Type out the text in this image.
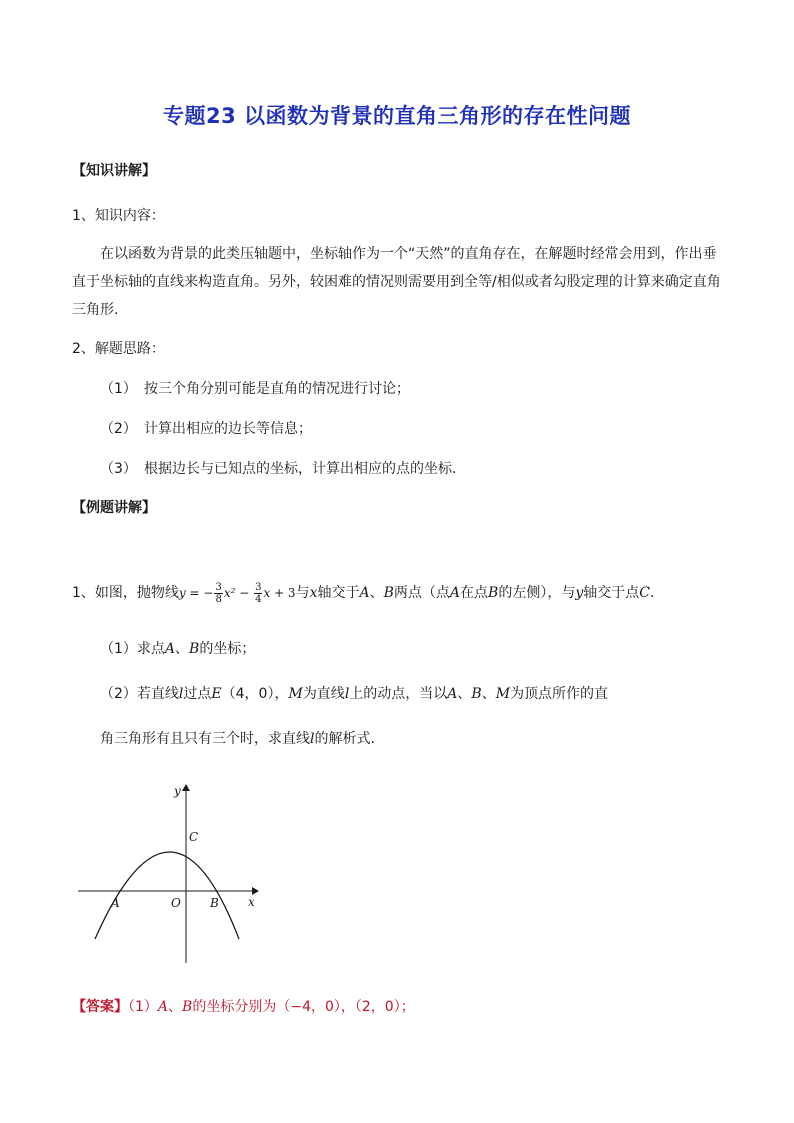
专题23 以函数为背景的直角三角形的存在性问题
【知识讲解】
1、知识内容：
在以函数为背景的此类压轴题中，坐标轴作为一个“天然”的直角存在，在解题时经常会用到，作出垂直于坐标轴的直线来构造直角。另外，较困难的情况则需要用到全等/相似或者勾股定理的计算来确定直角三角形.
2、解题思路：
（1） 按三个角分别可能是直角的情况进行讨论；
（2） 计算出相应的边长等信息；
（3） 根据边长与已知点的坐标，计算出相应的点的坐标.
【例题讲解】
1、如图，抛物线y = − $\frac{3}{8} x^2 - \frac{3}{4}$ x + 3与x轴交于A、B两点（点A在点B的左侧），与y轴交于点C.
（1）求点A、B的坐标；
（2）若直线l过点E（4，0），M为直线l上的动点，当以A、B、M为顶点所作的直
角三角形有且只有三个时，求直线l的解析式.
y
x
C
A	O B
【答案】（1）A、B的坐标分别为（−4，0），（2，0）；
